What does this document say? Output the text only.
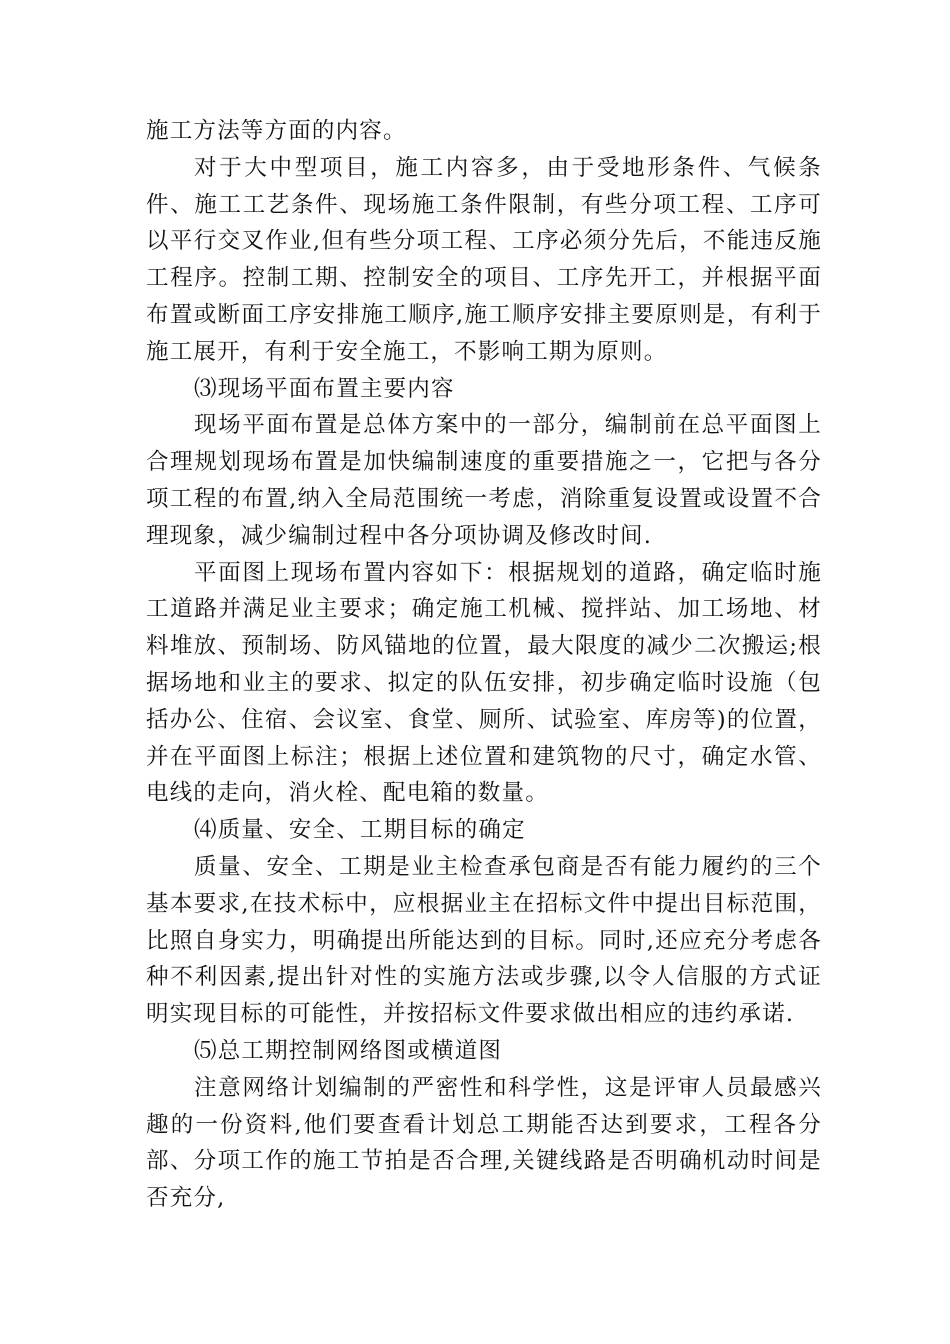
施工方法等方面的内容。

对于大中型项目，施工内容多，由于受地形条件、气候条件、施工工艺条件、现场施工条件限制，有些分项工程、工序可以平行交叉作业,但有些分项工程、工序必须分先后，不能违反施工程序。控制工期、控制安全的项目、工序先开工，并根据平面布置或断面工序安排施工顺序,施工顺序安排主要原则是，有利于施工展开，有利于安全施工，不影响工期为原则。

⑶现场平面布置主要内容

现场平面布置是总体方案中的一部分，编制前在总平面图上合理规划现场布置是加快编制速度的重要措施之一，它把与各分项工程的布置,纳入全局范围统一考虑，消除重复设置或设置不合理现象，减少编制过程中各分项协调及修改时间.

平面图上现场布置内容如下：根据规划的道路，确定临时施工道路并满足业主要求；确定施工机械、搅拌站、加工场地、材料堆放、预制场、防风锚地的位置，最大限度的减少二次搬运;根据场地和业主的要求、拟定的队伍安排，初步确定临时设施（包括办公、住宿、会议室、食堂、厕所、试验室、库房等)的位置，并在平面图上标注；根据上述位置和建筑物的尺寸，确定水管、电线的走向，消火栓、配电箱的数量。

⑷质量、安全、工期目标的确定

质量、安全、工期是业主检查承包商是否有能力履约的三个基本要求,在技术标中，应根据业主在招标文件中提出目标范围，比照自身实力，明确提出所能达到的目标。同时,还应充分考虑各种不利因素,提出针对性的实施方法或步骤,以令人信服的方式证明实现目标的可能性，并按招标文件要求做出相应的违约承诺.

⑸总工期控制网络图或横道图

注意网络计划编制的严密性和科学性，这是评审人员最感兴趣的一份资料,他们要查看计划总工期能否达到要求，工程各分部、分项工作的施工节拍是否合理,关键线路是否明确机动时间是否充分,
